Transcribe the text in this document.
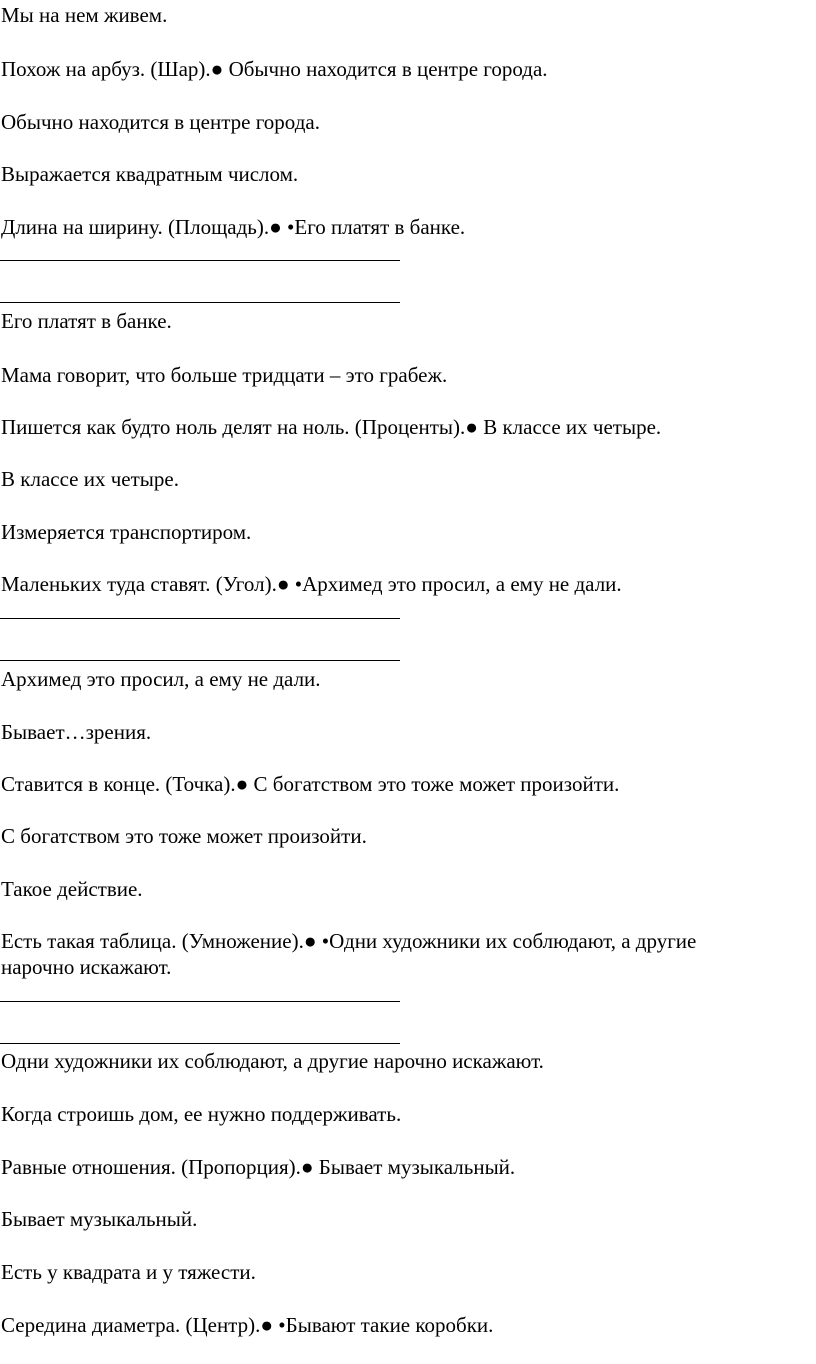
Мы на нем живем.
Похож на арбуз. (Шар).● Обычно находится в центре города.
Обычно находится в центре города.
Выражается квадратным числом.
Длина на ширину. (Площадь).● •Его платят в банке.
Его платят в банке.
Мама говорит, что больше тридцати – это грабеж.
Пишется как будто ноль делят на ноль. (Проценты).● В классе их четыре.
В классе их четыре.
Измеряется транспортиром.
Маленьких туда ставят. (Угол).● •Архимед это просил, а ему не дали.
Архимед это просил, а ему не дали.
Бывает…зрения.
Ставится в конце. (Точка).● С богатством это тоже может произойти.
С богатством это тоже может произойти.
Такое действие.
Есть такая таблица. (Умножение).● •Одни художники их соблюдают, а другие нарочно искажают.
Одни художники их соблюдают, а другие нарочно искажают.
Когда строишь дом, ее нужно поддерживать.
Равные отношения. (Пропорция).● Бывает музыкальный.
Бывает музыкальный.
Есть у квадрата и у тяжести.
Середина диаметра. (Центр).● •Бывают такие коробки.
